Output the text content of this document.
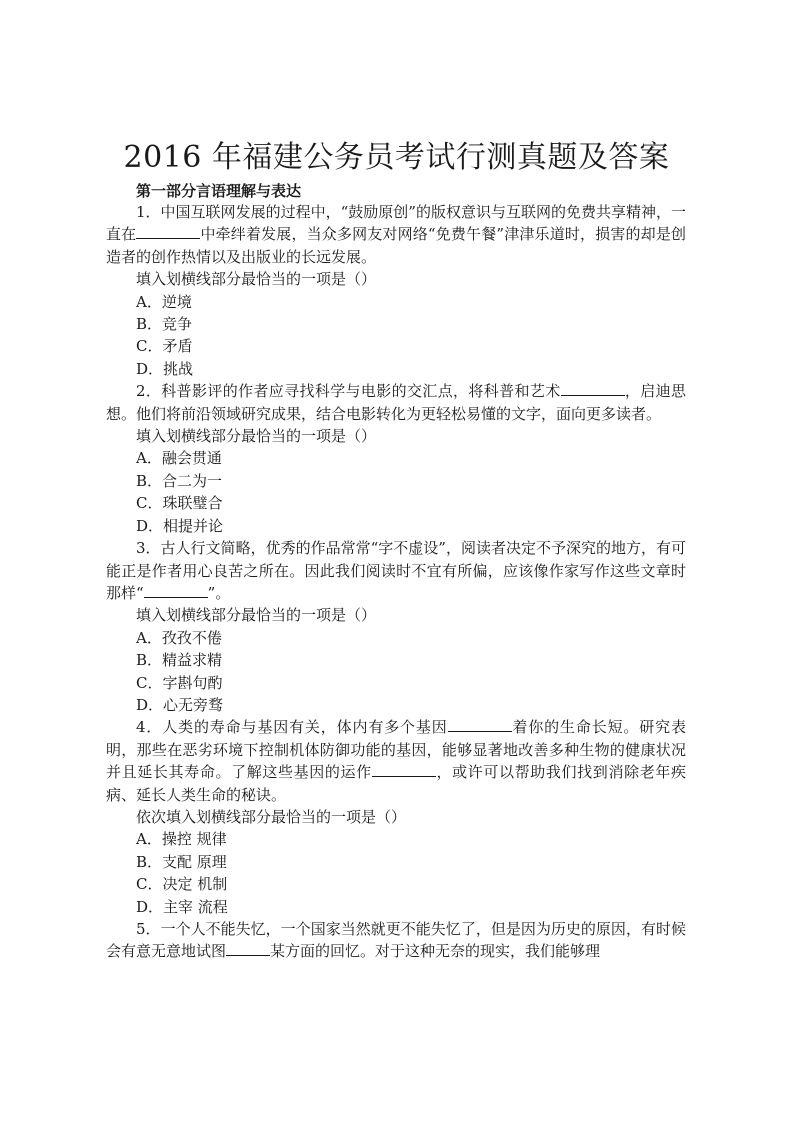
2016 年福建公务员考试行测真题及答案
第一部分言语理解与表达

1．中国互联网发展的过程中，“鼓励原创”的版权意识与互联网的免费共享精神，一直在	中牵绊着发展，当众多网友对网络“免费午餐”津津乐道时，损害的却是创造者的创作热情以及出版业的长远发展。

填入划横线部分最恰当的一项是（）

A．逆境

B．竞争

C．矛盾

D．挑战

2．科普影评的作者应寻找科学与电影的交汇点，将科普和艺术	，启迪思想。他们将前沿领域研究成果，结合电影转化为更轻松易懂的文字，面向更多读者。

填入划横线部分最恰当的一项是（）

A．融会贯通

B．合二为一

C．珠联璧合

D．相提并论

3．古人行文简略，优秀的作品常常“字不虚设”，阅读者决定不予深究的地方，有可能正是作者用心良苦之所在。因此我们阅读时不宜有所偏，应该像作家写作这些文章时那样“	”。

填入划横线部分最恰当的一项是（）

A．孜孜不倦

B．精益求精

C．字斟句酌

D．心无旁骛

4．人类的寿命与基因有关，体内有多个基因	着你的生命长短。研究表明，那些在恶劣环境下控制机体防御功能的基因，能够显著地改善多种生物的健康状况并且延长其寿命。了解这些基因的运作	，或许可以帮助我们找到消除老年疾病、延长人类生命的秘诀。

依次填入划横线部分最恰当的一项是（）

A．操控 规律

B．支配 原理

C．决定 机制

D．主宰 流程

5．一个人不能失忆，一个国家当然就更不能失忆了，但是因为历史的原因，有时候会有意无意地试图	某方面的回忆。对于这种无奈的现实，我们能够理
